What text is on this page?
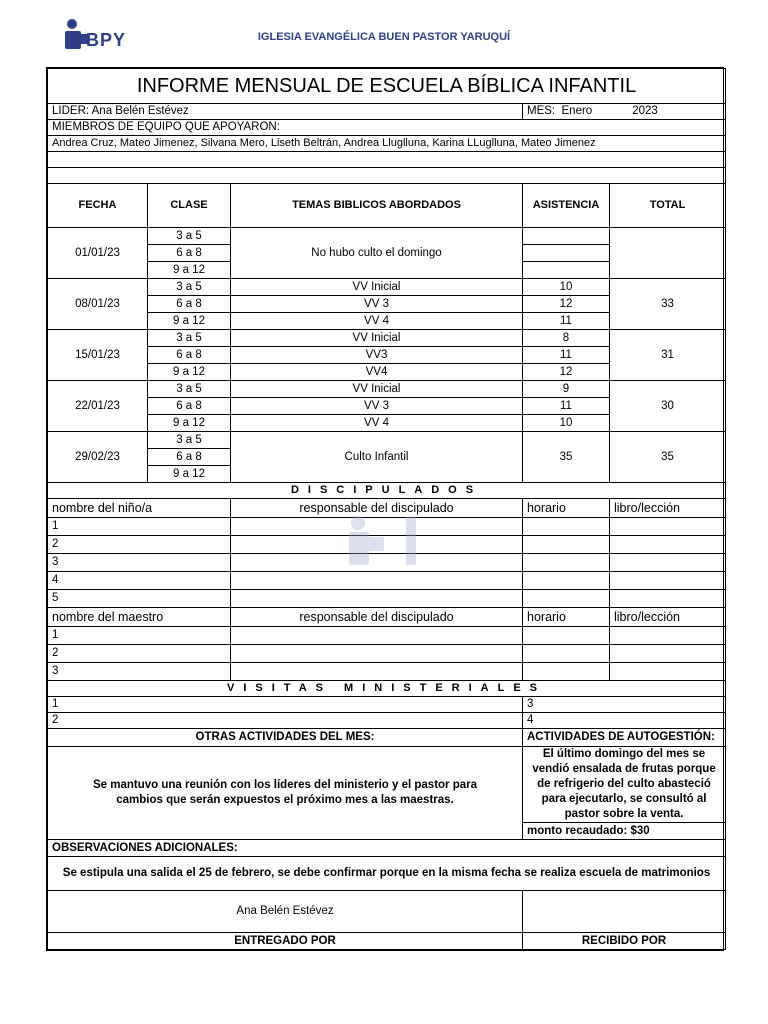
BPY	IGLESIA EVANGÉLICA BUEN PASTOR YARUQUÍ
INFORME MENSUAL DE ESCUELA BÍBLICA INFANTIL				
LIDER: Ana Belén Estévez			MES: Enero 2023	
MIEMBROS DE EQUIPO QUE APOYARON:				
Andrea Cruz, Mateo Jimenez, Silvana Mero, Liseth Beltrán, Andrea Lluglluna, Karina LLuglluna, Mateo Jimenez				

FECHA	CLASE	TEMAS BIBLICOS ABORDADOS	ASISTENCIA	TOTAL
01/01/23	3 a 5	No hubo culto el domingo		
	6 a 8			
	9 a 12			
08/01/23	3 a 5	VV Inicial	10	33
	6 a 8	VV 3	12	
	9 a 12	VV 4	11	
15/01/23	3 a 5	VV Inicial	8	31
	6 a 8	VV3	11	
	9 a 12	VV4	12	
22/01/23	3 a 5	VV Inicial	9	30
	6 a 8	VV 3	11	
	9 a 12	VV 4	10	
29/02/23	3 a 5	Culto Infantil	35	35
	6 a 8			
	9 a 12			
DISCIPULADOS				
nombre del niño/a		responsable del discipulado	horario	libro/lección
1				
2				
3				
4				
5				
nombre del maestro		responsable del discipulado	horario	libro/lección
1				
2				
3				
VISITAS MINISTERIALES				
1			3	
2			4	
OTRAS ACTIVIDADES DEL MES:			ACTIVIDADES DE AUTOGESTIÓN:	
Se mantuvo una reunión con los líderes del ministerio y el pastor para cambios que serán expuestos el próximo mes a las maestras.			El último domingo del mes se vendió ensalada de frutas porque de refrigerio del culto abasteció para ejecutarlo, se consultó al pastor sobre la venta.	
			monto recaudado: $30	
OBSERVACIONES ADICIONALES:				
Se estipula una salida el 25 de febrero, se debe confirmar porque en la misma fecha se realiza escuela de matrimonios				
Ana Belén Estévez				
ENTREGADO POR			RECIBIDO POR	
